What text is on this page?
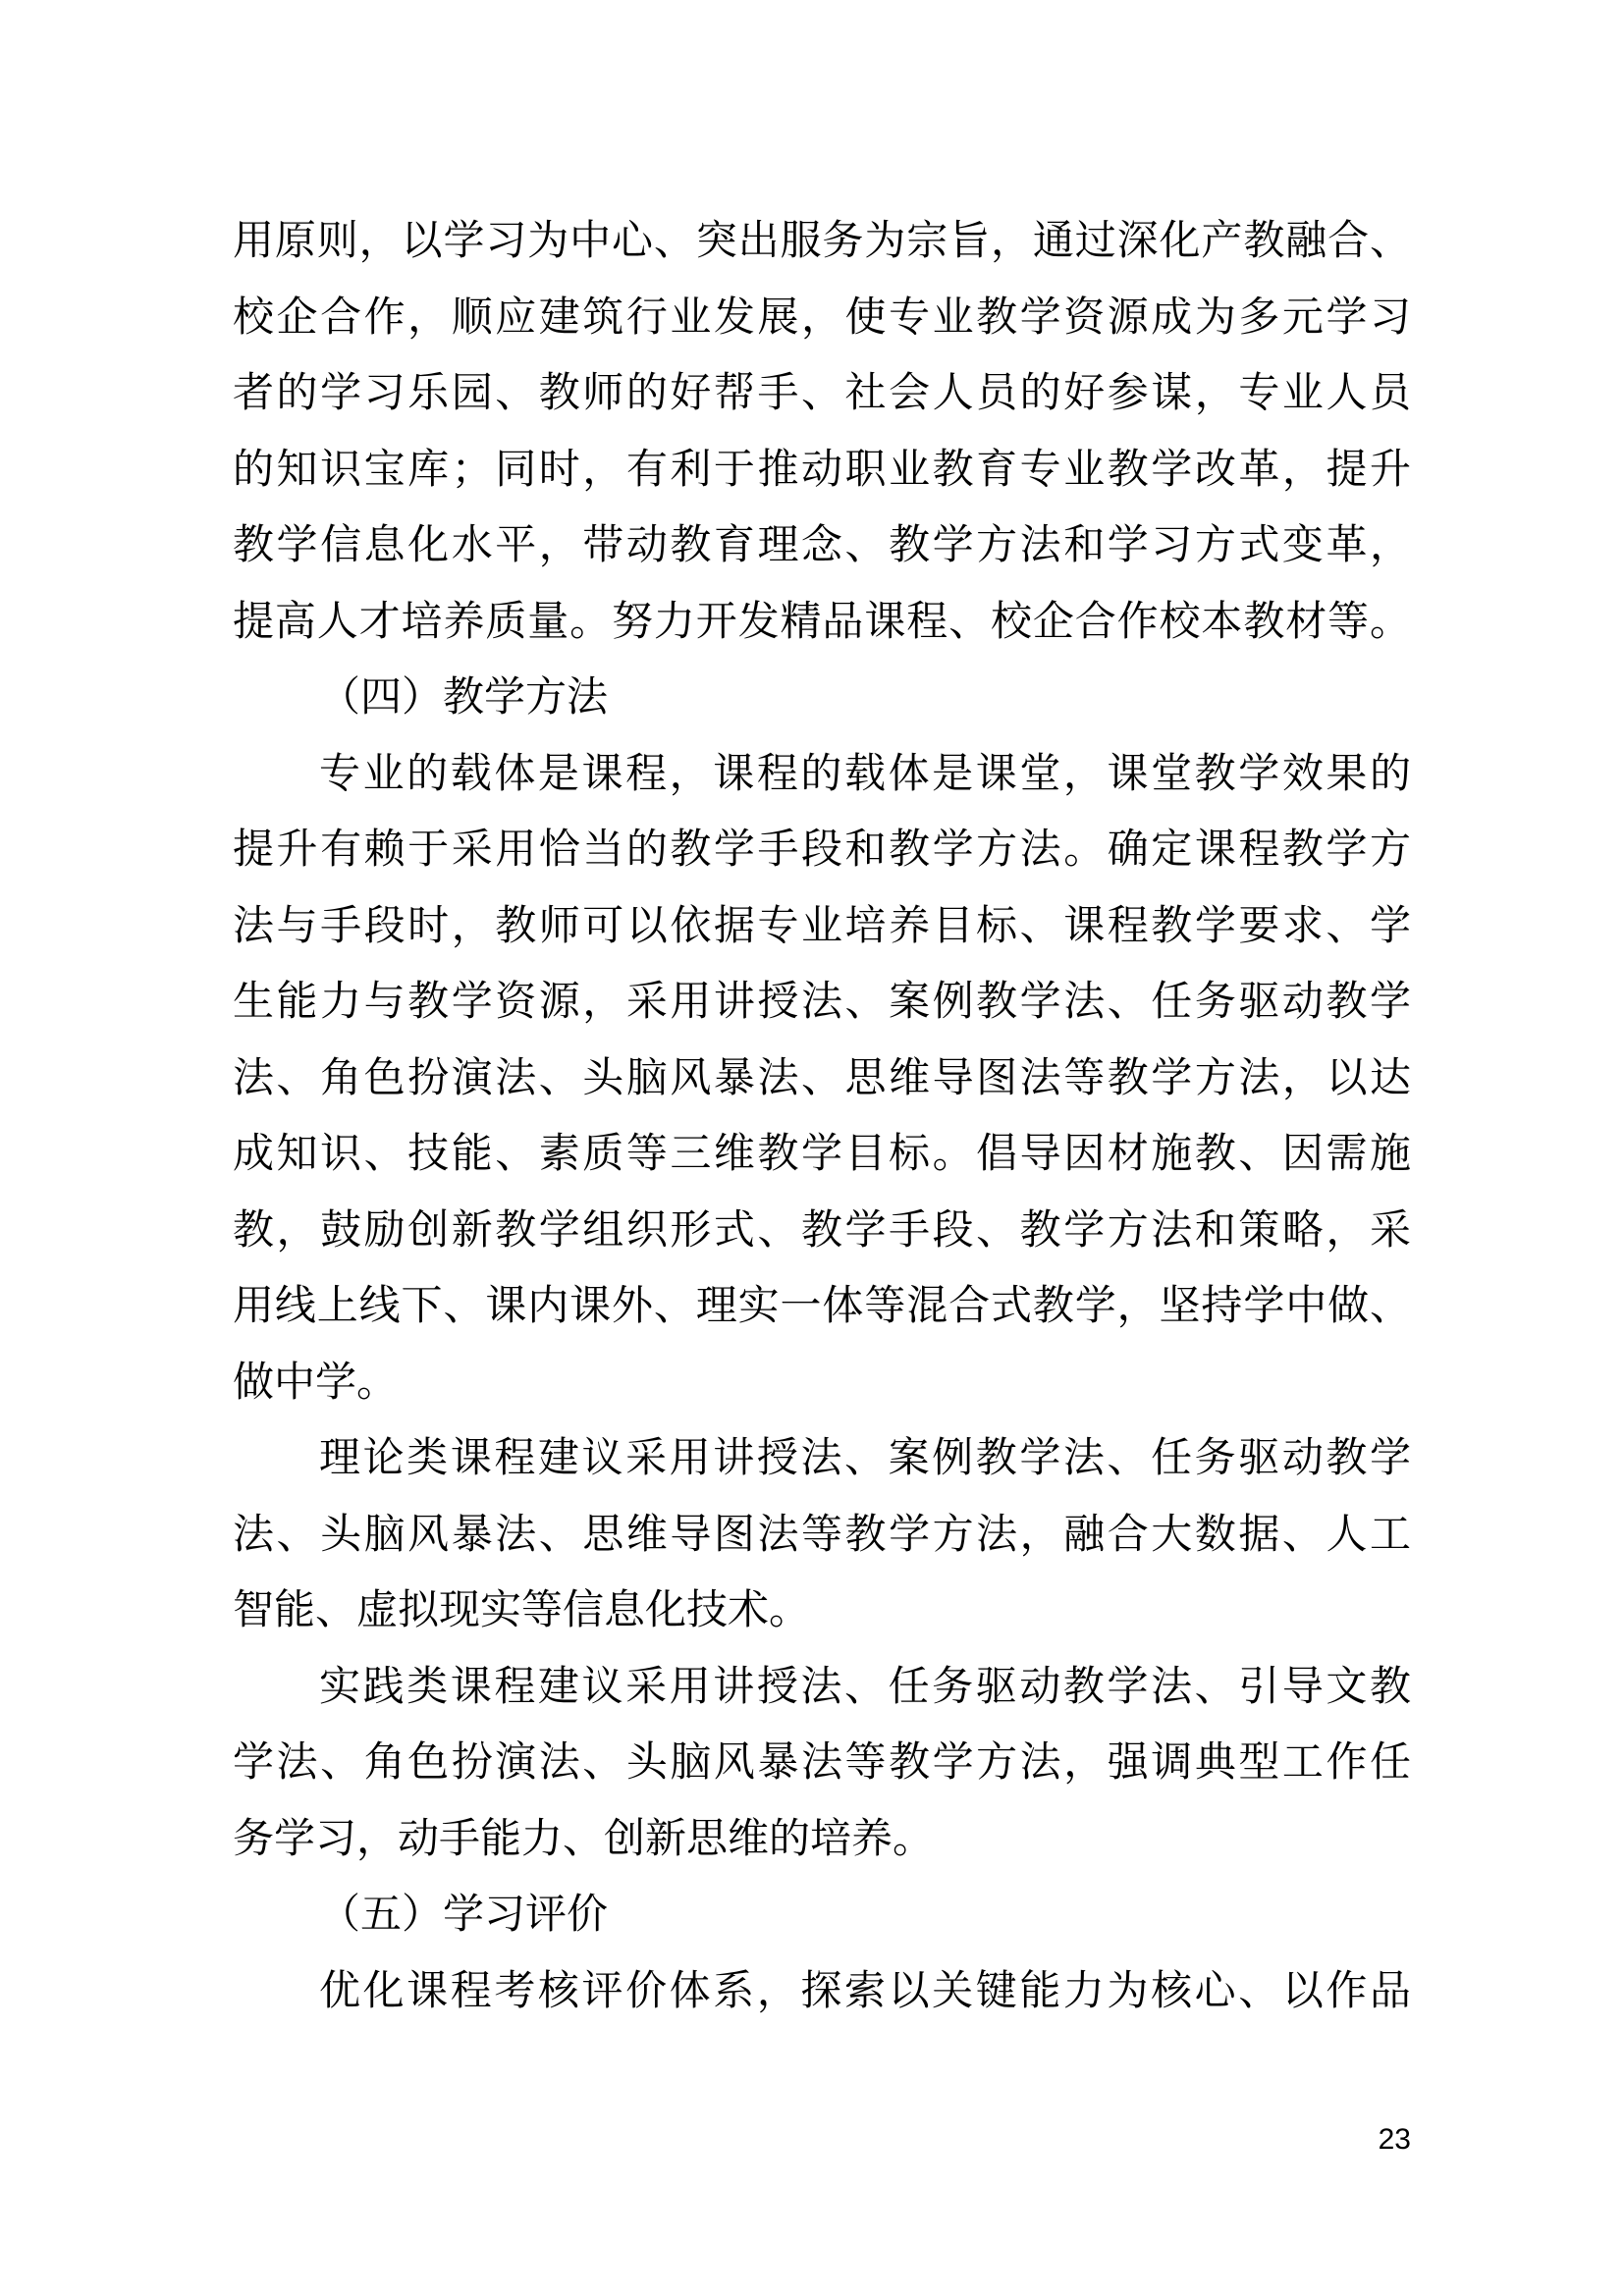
用原则，以学习为中心、突出服务为宗旨，通过深化产教融合、
校企合作，顺应建筑行业发展，使专业教学资源成为多元学习
者的学习乐园、教师的好帮手、社会人员的好参谋，专业人员
的知识宝库；同时，有利于推动职业教育专业教学改革，提升
教学信息化水平，带动教育理念、教学方法和学习方式变革，
提高人才培养质量。努力开发精品课程、校企合作校本教材等。
（四）教学方法
专业的载体是课程，课程的载体是课堂，课堂教学效果的
提升有赖于采用恰当的教学手段和教学方法。确定课程教学方
法与手段时，教师可以依据专业培养目标、课程教学要求、学
生能力与教学资源，采用讲授法、案例教学法、任务驱动教学
法、角色扮演法、头脑风暴法、思维导图法等教学方法，以达
成知识、技能、素质等三维教学目标。倡导因材施教、因需施
教，鼓励创新教学组织形式、教学手段、教学方法和策略，采
用线上线下、课内课外、理实一体等混合式教学，坚持学中做、
做中学。
理论类课程建议采用讲授法、案例教学法、任务驱动教学
法、头脑风暴法、思维导图法等教学方法，融合大数据、人工
智能、虚拟现实等信息化技术。
实践类课程建议采用讲授法、任务驱动教学法、引导文教
学法、角色扮演法、头脑风暴法等教学方法，强调典型工作任
务学习，动手能力、创新思维的培养。
（五）学习评价
优化课程考核评价体系，探索以关键能力为核心、以作品
23
